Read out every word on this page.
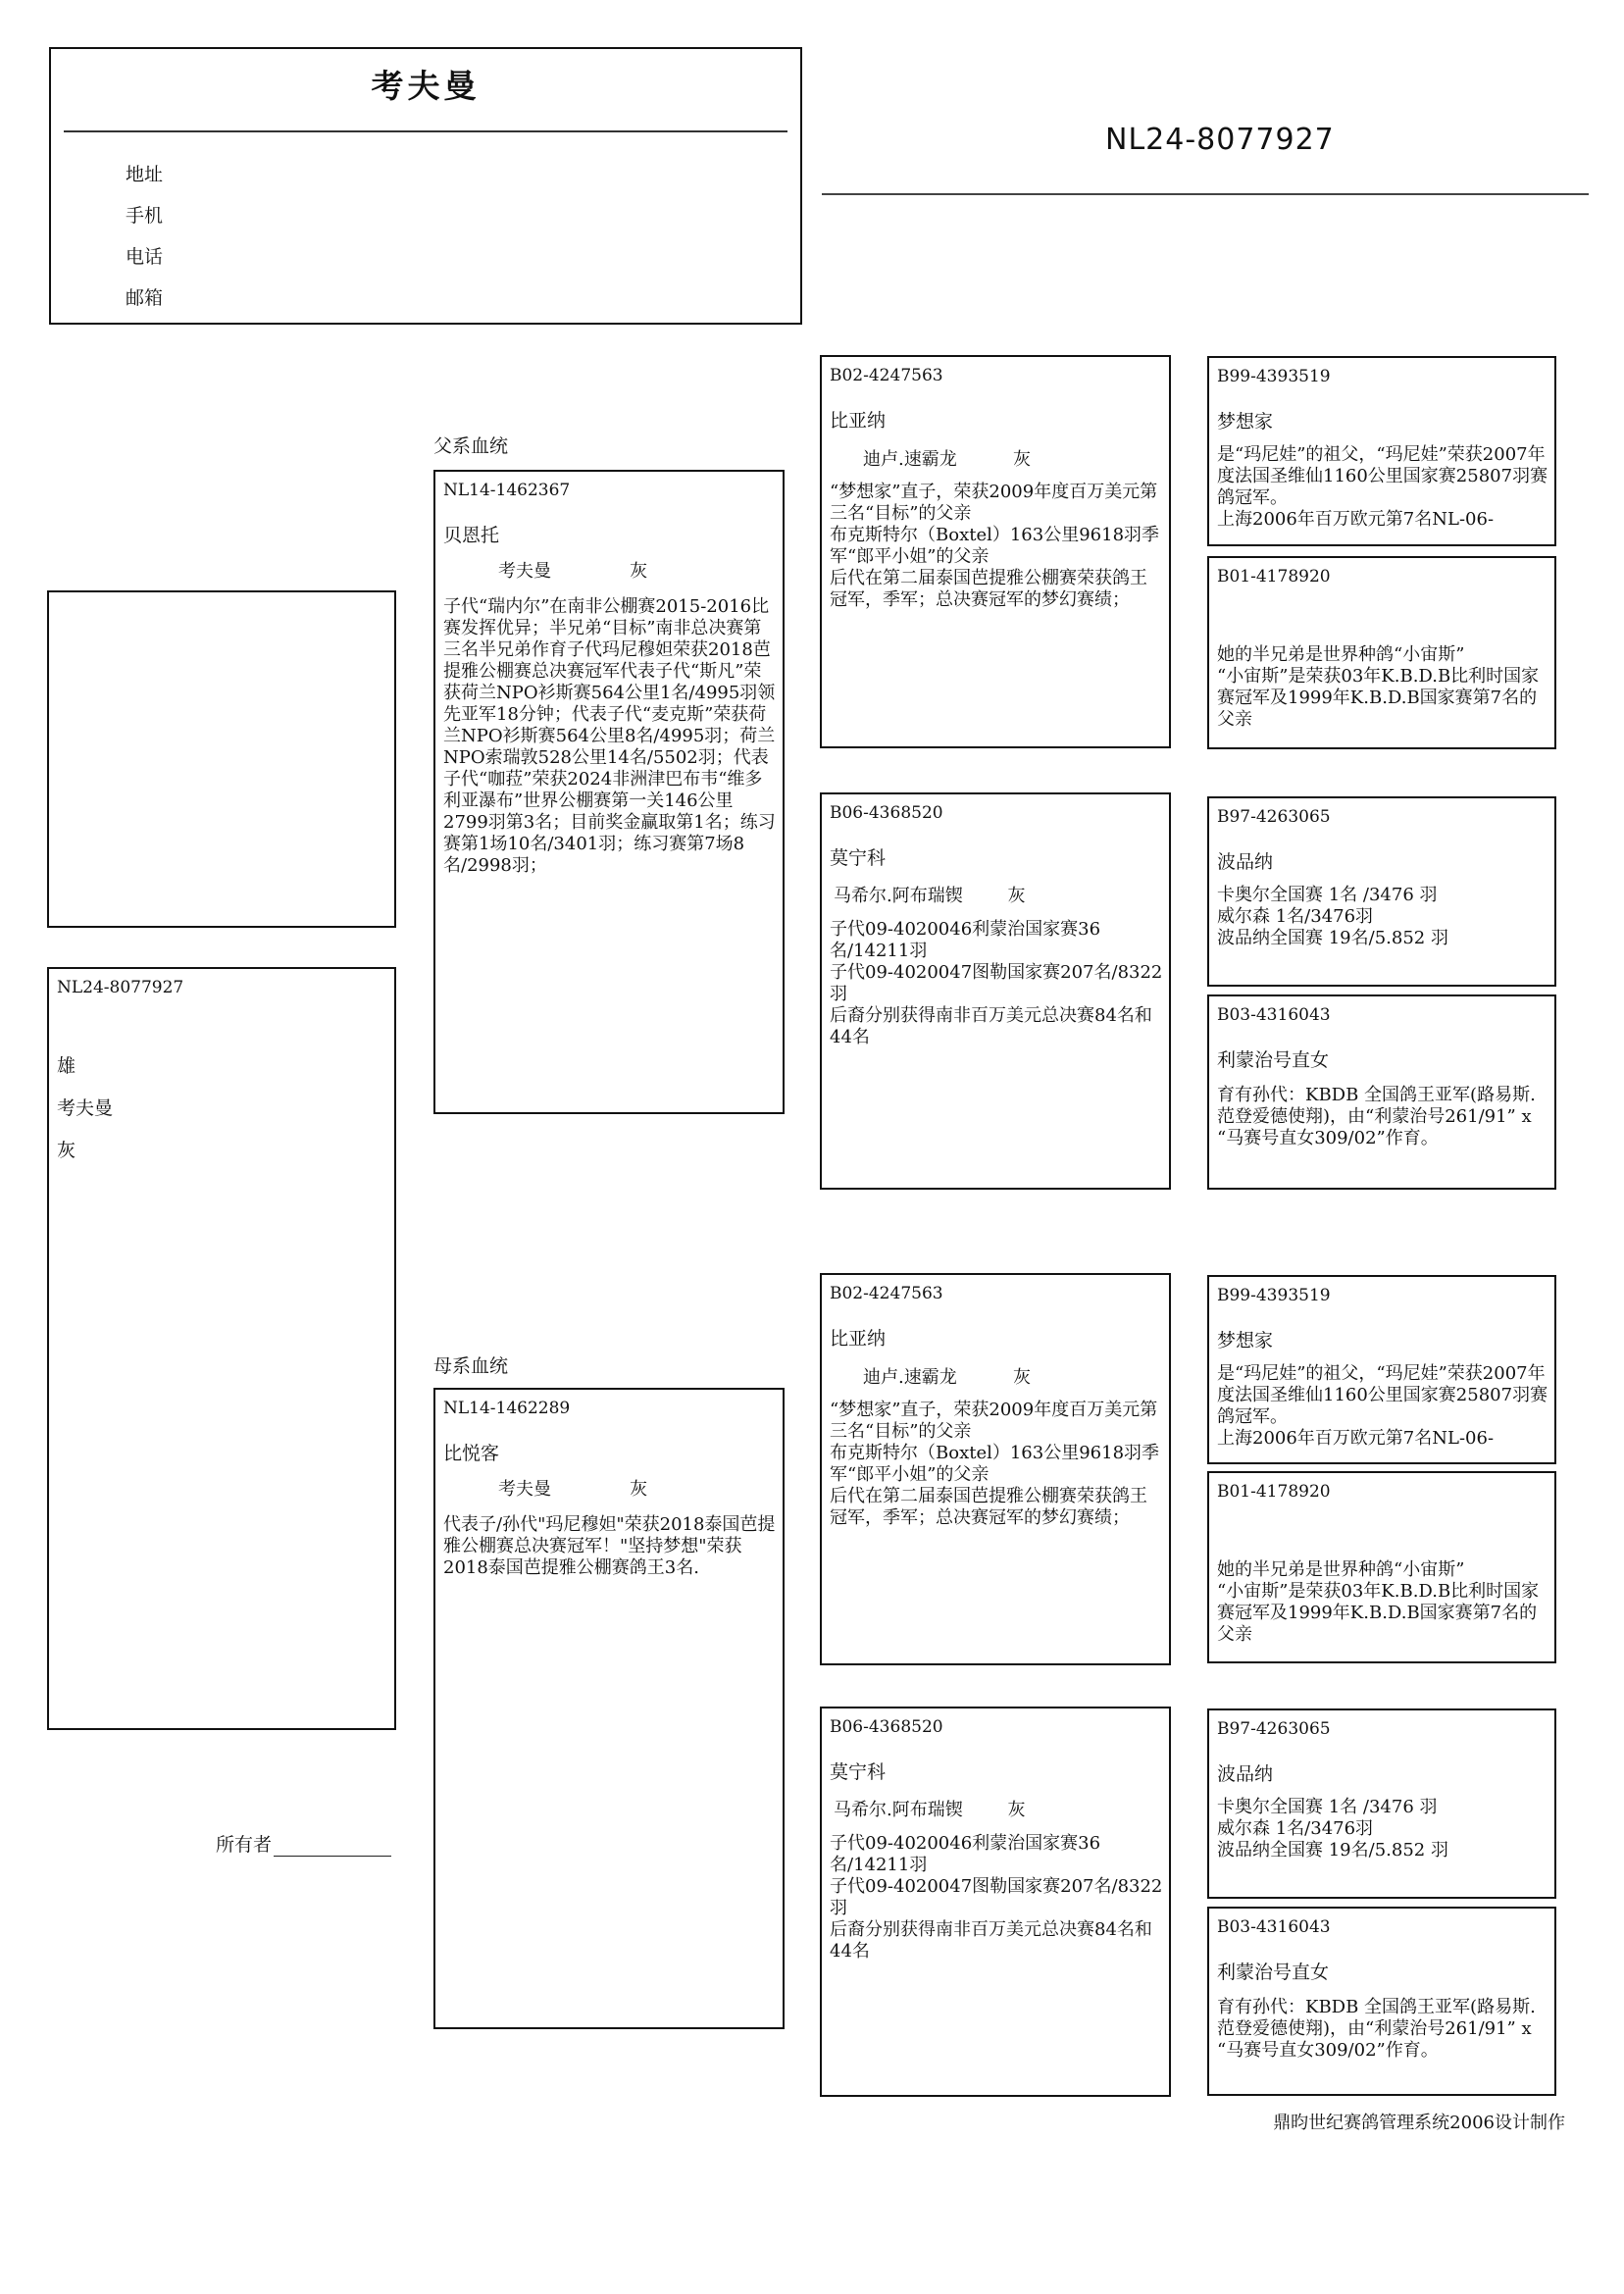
考夫曼
地址
手机
电话
邮箱
NL24-8077927
NL24-8077927
雄
考夫曼
灰
所有者
父系血统
母系血统
NL14-1462367
贝恩托
考夫曼              灰
子代“瑞内尔”在南非公棚赛2015-2016比赛发挥优异；半兄弟“目标”南非总决赛第三名半兄弟作育子代玛尼穆妲荣获2018芭提雅公棚赛总决赛冠军代表子代“斯凡”荣获荷兰NPO衫斯赛564公里1名/4995羽领先亚军18分钟；代表子代“麦克斯”荣获荷兰NPO衫斯赛564公里8名/4995羽；荷兰NPO索瑞敦528公里14名/5502羽；代表子代“咖菈”荣获2024非洲津巴布韦“维多利亚瀑布”世界公棚赛第一关146公里2799羽第3名；目前奖金赢取第1名；练习赛第1场10名/3401羽；练习赛第7场8名/2998羽；
NL14-1462289
比悦客
考夫曼              灰
代表子/孙代"玛尼穆妲"荣获2018泰国芭提雅公棚赛总决赛冠军！"坚持梦想"荣获2018泰国芭提雅公棚赛鸽王3名.
B02-4247563
比亚纳
迪卢.速霸龙          灰
“梦想家”直子，荣获2009年度百万美元第三名“目标”的父亲
布克斯特尔（Boxtel）163公里9618羽季军“郎平小姐”的父亲
后代在第二届泰国芭提雅公棚赛荣获鸽王冠军，季军；总决赛冠军的梦幻赛绩；
B06-4368520
莫宁科
马希尔.阿布瑞锲        灰
子代09-4020046利蒙治国家赛36名/14211羽
子代09-4020047图勒国家赛207名/8322羽
后裔分别获得南非百万美元总决赛84名和44名
B02-4247563
比亚纳
迪卢.速霸龙          灰
“梦想家”直子，荣获2009年度百万美元第三名“目标”的父亲
布克斯特尔（Boxtel）163公里9618羽季军“郎平小姐”的父亲
后代在第二届泰国芭提雅公棚赛荣获鸽王冠军，季军；总决赛冠军的梦幻赛绩；
B06-4368520
莫宁科
马希尔.阿布瑞锲        灰
子代09-4020046利蒙治国家赛36名/14211羽
子代09-4020047图勒国家赛207名/8322羽
后裔分别获得南非百万美元总决赛84名和44名
B99-4393519
梦想家
是“玛尼娃”的祖父，“玛尼娃”荣获2007年度法国圣维仙1160公里国家赛25807羽赛鸽冠军。
上海2006年百万欧元第7名NL-06-
B01-4178920
她的半兄弟是世界种鸽“小宙斯”
“小宙斯”是荣获03年K.B.D.B比利时国家赛冠军及1999年K.B.D.B国家赛第7名的父亲
B97-4263065
波品纳
卡奥尔全国赛 1名 /3476 羽
威尔森 1名/3476羽
波品纳全国赛 19名/5.852 羽
B03-4316043
利蒙治号直女
育有孙代：KBDB 全国鸽王亚军(路易斯.范登爱德使翔)，由“利蒙治号261/91” x “马赛号直女309/02”作育。
B99-4393519
梦想家
是“玛尼娃”的祖父，“玛尼娃”荣获2007年度法国圣维仙1160公里国家赛25807羽赛鸽冠军。
上海2006年百万欧元第7名NL-06-
B01-4178920
她的半兄弟是世界种鸽“小宙斯”
“小宙斯”是荣获03年K.B.D.B比利时国家赛冠军及1999年K.B.D.B国家赛第7名的父亲
B97-4263065
波品纳
卡奥尔全国赛 1名 /3476 羽
威尔森 1名/3476羽
波品纳全国赛 19名/5.852 羽
B03-4316043
利蒙治号直女
育有孙代：KBDB 全国鸽王亚军(路易斯.范登爱德使翔)，由“利蒙治号261/91” x “马赛号直女309/02”作育。
鼎昀世纪赛鸽管理系统2006设计制作
